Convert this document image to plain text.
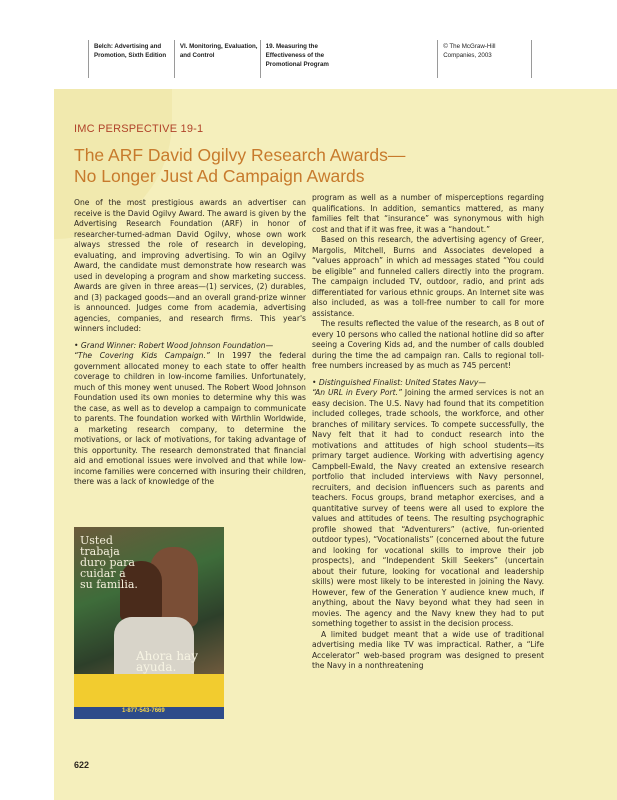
Belch: Advertising and
Promotion, Sixth Edition
VI. Monitoring, Evaluation,
and Control
19. Measuring the
Effectiveness of the
Promotional Program
© The McGraw-Hill
Companies, 2003
IMC PERSPECTIVE 19-1
The ARF David Ogilvy Research Awards—
No Longer Just Ad Campaign Awards

One of the most prestigious awards an advertiser can receive is the David Ogilvy Award. The award is given by the Advertising Research Foundation (ARF) in honor of researcher-turned-adman David Ogilvy, whose own work always stressed the role of research in developing, evaluating, and improving advertising. To win an Ogilvy Award, the candidate must demonstrate how research was used in developing a program and show marketing success. Awards are given in three areas—(1) services, (2) durables, and (3) packaged goods—and an overall grand-prize winner is announced. Judges come from academia, advertising agencies, companies, and research firms. This year's winners included:

• Grand Winner: Robert Wood Johnson Foundation—
“The Covering Kids Campaign.” In 1997 the federal government allocated money to each state to offer health coverage to children in low-income families. Unfortunately, much of this money went unused. The Robert Wood Johnson Foundation used its own monies to determine why this was the case, as well as to develop a campaign to communicate to parents. The foundation worked with Wirthlin Worldwide, a marketing research company, to determine the motivations, or lack of motivations, for taking advantage of this opportunity. The research demonstrated that financial aid and emotional issues were involved and that while low-income families were concerned with insuring their children, there was a lack of knowledge of the

program as well as a number of misperceptions regarding qualifications. In addition, semantics mattered, as many families felt that “insurance” was synonymous with high cost and that if it was free, it was a “handout.”

Based on this research, the advertising agency of Greer, Margolis, Mitchell, Burns and Associates developed a “values approach” in which ad messages stated “You could be eligible” and funneled callers directly into the program. The campaign included TV, outdoor, radio, and print ads differentiated for various ethnic groups. An Internet site was also included, as was a toll-free number to call for more assistance.

The results reflected the value of the research, as 8 out of every 10 persons who called the national hotline did so after seeing a Covering Kids ad, and the number of calls doubled during the time the ad campaign ran. Calls to regional toll-free numbers increased by as much as 745 percent!

• Distinguished Finalist: United States Navy—
“An URL in Every Port.” Joining the armed services is not an easy decision. The U.S. Navy had found that its competition included colleges, trade schools, the workforce, and other branches of military services. To compete successfully, the Navy felt that it had to conduct research into the motivations and attitudes of high school students—its primary target audience. Working with advertising agency Campbell-Ewald, the Navy created an extensive research portfolio that included interviews with Navy personnel, recruiters, and decision influencers such as parents and teachers. Focus groups, brand metaphor exercises, and a quantitative survey of teens were all used to explore the values and attitudes of teens. The resulting psychographic profile showed that “Adventurers” (active, fun-oriented outdoor types), “Vocationalists” (concerned about the future and looking for vocational skills to improve their job prospects), and “Independent Skill Seekers” (uncertain about their future, looking for vocational and leadership skills) were most likely to be interested in joining the Navy. However, few of the Generation Y audience knew much, if anything, about the Navy beyond what they had seen in movies. The agency and the Navy knew they had to put something together to assist in the decision process.

A limited budget meant that a wide use of traditional advertising media like TV was impractical. Rather, a “Life Accelerator” web-based program was designed to present the Navy in a nonthreatening

Usted trabaja duro para cuidar a su familia.
Ahora hay ayuda.
1-877-543-7669
622
